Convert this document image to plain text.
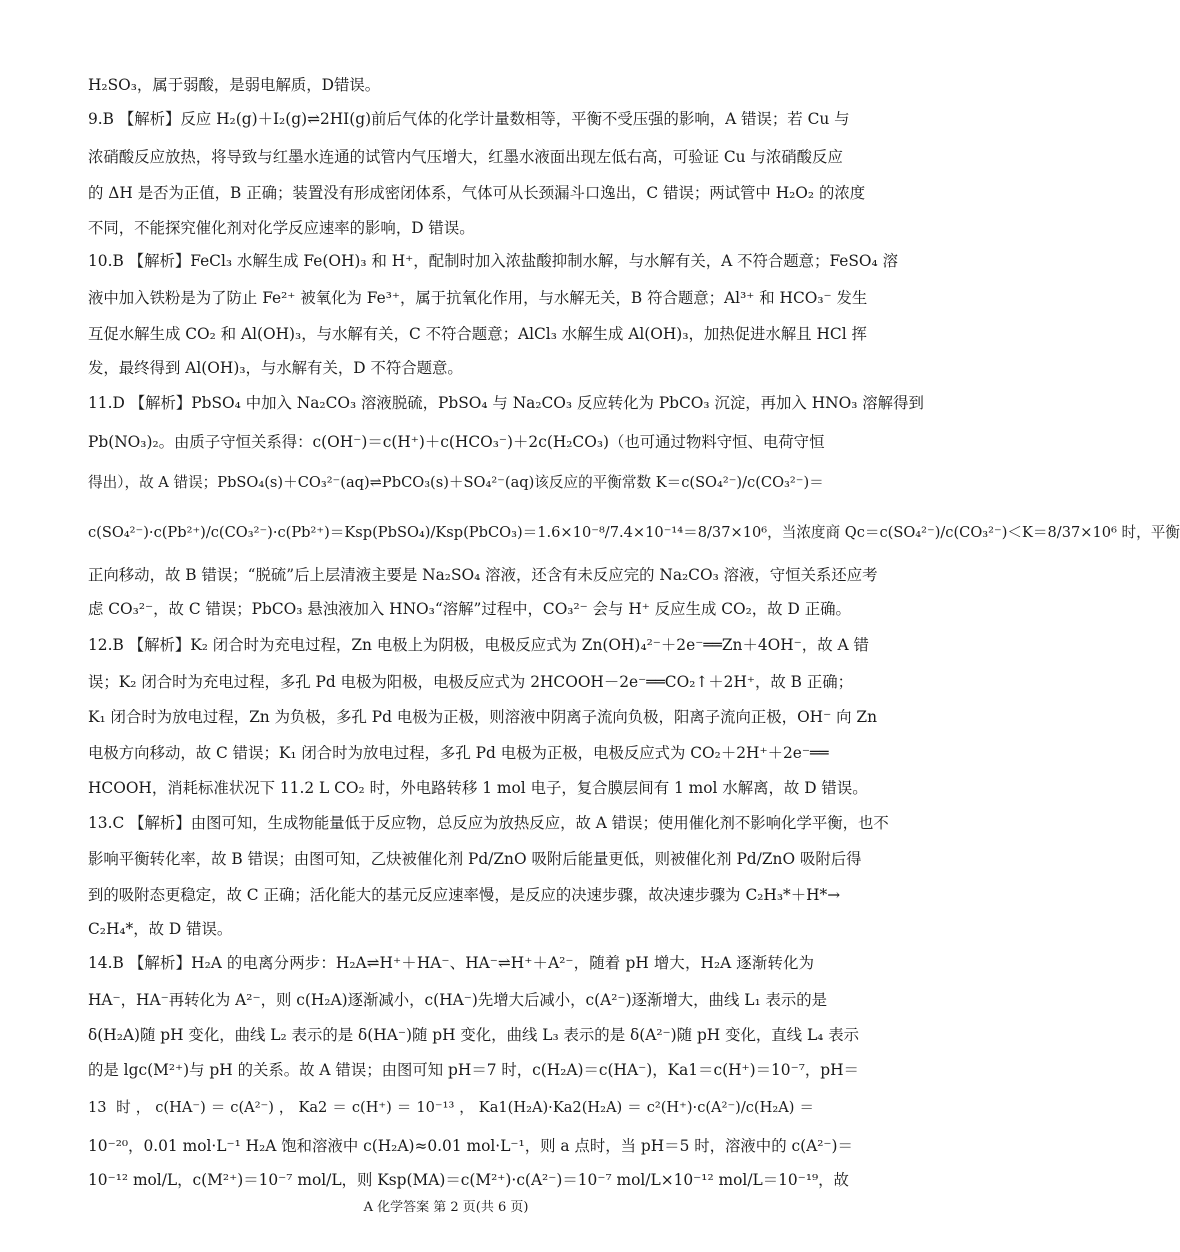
H₂SO₃，属于弱酸，是弱电解质，D错误。
9.B 【解析】反应 H₂(g)＋I₂(g)⇌2HI(g)前后气体的化学计量数相等，平衡不受压强的影响，A 错误；若 Cu 与
浓硝酸反应放热，将导致与红墨水连通的试管内气压增大，红墨水液面出现左低右高，可验证 Cu 与浓硝酸反应
的 ΔH 是否为正值，B 正确；装置没有形成密闭体系，气体可从长颈漏斗口逸出，C 错误；两试管中 H₂O₂ 的浓度
不同，不能探究催化剂对化学反应速率的影响，D 错误。
10.B 【解析】FeCl₃ 水解生成 Fe(OH)₃ 和 H⁺，配制时加入浓盐酸抑制水解，与水解有关，A 不符合题意；FeSO₄ 溶
液中加入铁粉是为了防止 Fe²⁺ 被氧化为 Fe³⁺，属于抗氧化作用，与水解无关，B 符合题意；Al³⁺ 和 HCO₃⁻ 发生
互促水解生成 CO₂ 和 Al(OH)₃，与水解有关，C 不符合题意；AlCl₃ 水解生成 Al(OH)₃，加热促进水解且 HCl 挥
发，最终得到 Al(OH)₃，与水解有关，D 不符合题意。
11.D 【解析】PbSO₄ 中加入 Na₂CO₃ 溶液脱硫，PbSO₄ 与 Na₂CO₃ 反应转化为 PbCO₃ 沉淀，再加入 HNO₃ 溶解得到
Pb(NO₃)₂。由质子守恒关系得：c(OH⁻)＝c(H⁺)＋c(HCO₃⁻)＋2c(H₂CO₃)（也可通过物料守恒、电荷守恒
得出），故 A 错误；PbSO₄(s)＋CO₃²⁻(aq)⇌PbCO₃(s)＋SO₄²⁻(aq)该反应的平衡常数 K＝c(SO₄²⁻)/c(CO₃²⁻)＝
c(SO₄²⁻)·c(Pb²⁺)/c(CO₃²⁻)·c(Pb²⁺)＝Ksp(PbSO₄)/Ksp(PbCO₃)＝1.6×10⁻⁸/7.4×10⁻¹⁴＝8/37×10⁶，当浓度商 Qc＝c(SO₄²⁻)/c(CO₃²⁻)＜K＝8/37×10⁶ 时，平衡
正向移动，故 B 错误；“脱硫”后上层清液主要是 Na₂SO₄ 溶液，还含有未反应完的 Na₂CO₃ 溶液，守恒关系还应考
虑 CO₃²⁻，故 C 错误；PbCO₃ 悬浊液加入 HNO₃“溶解”过程中，CO₃²⁻ 会与 H⁺ 反应生成 CO₂，故 D 正确。
12.B 【解析】K₂ 闭合时为充电过程，Zn 电极上为阴极，电极反应式为 Zn(OH)₄²⁻＋2e⁻══Zn＋4OH⁻，故 A 错
误；K₂ 闭合时为充电过程，多孔 Pd 电极为阳极，电极反应式为 2HCOOH－2e⁻══CO₂↑＋2H⁺，故 B 正确；
K₁ 闭合时为放电过程，Zn 为负极，多孔 Pd 电极为正极，则溶液中阴离子流向负极，阳离子流向正极，OH⁻ 向 Zn
电极方向移动，故 C 错误；K₁ 闭合时为放电过程，多孔 Pd 电极为正极，电极反应式为 CO₂＋2H⁺＋2e⁻══
HCOOH，消耗标准状况下 11.2 L CO₂ 时，外电路转移 1 mol 电子，复合膜层间有 1 mol 水解离，故 D 错误。
13.C 【解析】由图可知，生成物能量低于反应物，总反应为放热反应，故 A 错误；使用催化剂不影响化学平衡，也不
影响平衡转化率，故 B 错误；由图可知，乙炔被催化剂 Pd/ZnO 吸附后能量更低，则被催化剂 Pd/ZnO 吸附后得
到的吸附态更稳定，故 C 正确；活化能大的基元反应速率慢，是反应的决速步骤，故决速步骤为 C₂H₃*＋H*→
C₂H₄*，故 D 错误。
14.B 【解析】H₂A 的电离分两步：H₂A⇌H⁺＋HA⁻、HA⁻⇌H⁺＋A²⁻，随着 pH 增大，H₂A 逐渐转化为
HA⁻，HA⁻再转化为 A²⁻，则 c(H₂A)逐渐减小，c(HA⁻)先增大后减小，c(A²⁻)逐渐增大，曲线 L₁ 表示的是
δ(H₂A)随 pH 变化，曲线 L₂ 表示的是 δ(HA⁻)随 pH 变化，曲线 L₃ 表示的是 δ(A²⁻)随 pH 变化，直线 L₄ 表示
的是 lgc(M²⁺)与 pH 的关系。故 A 错误；由图可知 pH＝7 时，c(H₂A)＝c(HA⁻)，Ka1＝c(H⁺)＝10⁻⁷，pH＝
13 时，c(HA⁻)＝c(A²⁻)，Ka2＝c(H⁺)＝10⁻¹³，Ka1(H₂A)·Ka2(H₂A)＝c²(H⁺)·c(A²⁻)/c(H₂A)＝
10⁻²⁰，0.01 mol·L⁻¹ H₂A 饱和溶液中 c(H₂A)≈0.01 mol·L⁻¹，则 a 点时，当 pH＝5 时，溶液中的 c(A²⁻)＝
10⁻¹² mol/L，c(M²⁺)＝10⁻⁷ mol/L，则 Ksp(MA)＝c(M²⁺)·c(A²⁻)＝10⁻⁷ mol/L×10⁻¹² mol/L＝10⁻¹⁹，故
A 化学答案 第 2 页(共 6 页)
